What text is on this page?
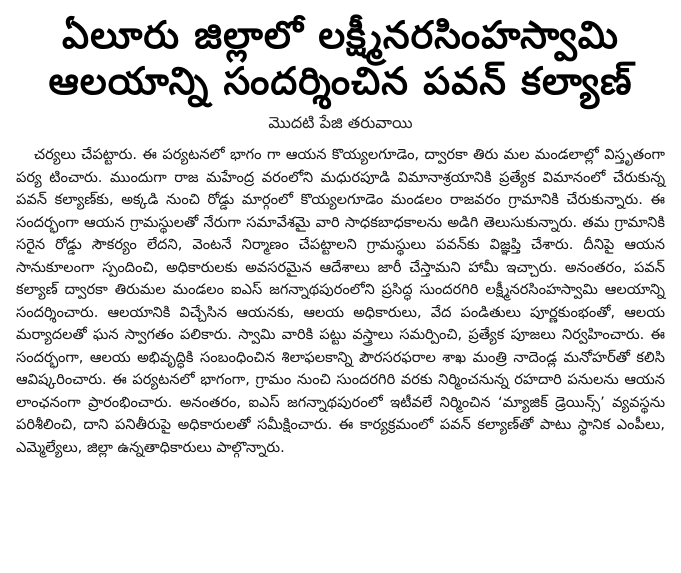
ఏలూరు జిల్లాలో లక్ష్మీనరసింహస్వామి
ఆలయాన్ని సందర్శించిన పవన్ కల్యాణ్
మొదటి పేజి తరువాయి

చర్యలు చేపట్టారు. ఈ పర్యటనలో భాగం గా ఆయన కొయ్యలగూడెం, ద్వారకా తిరు మల మండలాల్లో విస్తృతంగా పర్య టించారు. ముందుగా రాజ మహేంద్ర వరంలోని మధురపూడి విమానాశ్రయానికి ప్రత్యేక విమానంలో చేరుకున్న పవన్ కల్యాణ్‌కు, అక్కడి నుంచి రోడ్డు మార్గంలో కొయ్యలగూడెం మండలం రాజవరం గ్రామానికి చేరుకున్నారు. ఈ సందర్భంగా ఆయన గ్రామస్థులతో నేరుగా సమావేశమై వారి సాధకబాధకాలను అడిగి తెలుసుకున్నారు. తమ గ్రామానికి సరైన రోడ్డు సౌకర్యం లేదని, వెంటనే నిర్మాణం చేపట్టాలని గ్రామస్థులు పవన్‌కు విజ్ఞప్తి చేశారు. దీనిపై ఆయన సానుకూలంగా స్పందించి, అధికారులకు అవసరమైన ఆదేశాలు జారీ చేస్తామని హామీ ఇచ్చారు. అనంతరం, పవన్ కల్యాణ్ ద్వారకా తిరుమల మండలం ఐఎస్ జగన్నాథపురంలోని ప్రసిద్ధ సుందరగిరి లక్ష్మీనరసింహస్వామి ఆలయాన్ని సందర్శించారు. ఆలయానికి విచ్చేసిన ఆయనకు, ఆలయ అధికారులు, వేద పండితులు పూర్ణకుంభంతో, ఆలయ మర్యాదలతో ఘన స్వాగతం పలికారు. స్వామి వారికి పట్టు వస్త్రాలు సమర్పించి, ప్రత్యేక పూజలు నిర్వహించారు. ఈ సందర్భంగా, ఆలయ అభివృద్ధికి సంబంధించిన శిలాఫలకాన్ని పౌరసరఫరాల శాఖ మంత్రి నాదెండ్ల మనోహర్‌తో కలిసి ఆవిష్కరించారు. ఈ పర్యటనలో భాగంగా, గ్రామం నుంచి సుందరగిరి వరకు నిర్మించనున్న రహదారి పనులను ఆయన లాంఛనంగా ప్రారంభించారు. అనంతరం, ఐఎస్ జగన్నాథపురంలో ఇటీవలే నిర్మించిన ‘మ్యాజిక్ డ్రెయిన్స్’ వ్యవస్థను పరిశీలించి, దాని పనితీరుపై అధికారులతో సమీక్షించారు. ఈ కార్యక్రమంలో పవన్ కల్యాణ్‌తో పాటు స్థానిక ఎంపీలు, ఎమ్మెల్యేలు, జిల్లా ఉన్నతాధికారులు పాల్గొన్నారు.
